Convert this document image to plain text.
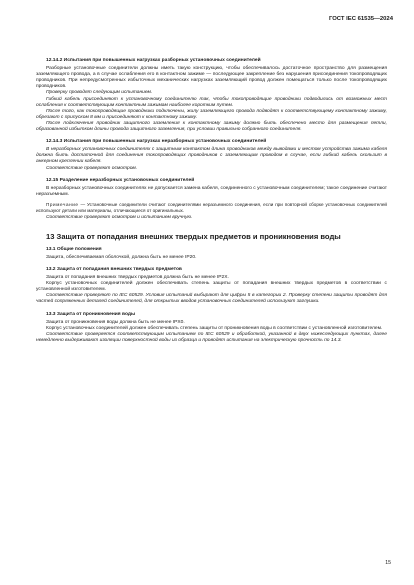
ГОСТ IEC 61535—2024
12.14.2 Испытания при повышенных нагрузках разборных установочных соединителей

Разборные установочные соединители должны иметь такую конструкцию, чтобы обеспечивалось достаточное пространство для размещения заземляющего провода, а в случае ослабления его в контактном зажиме — последующее закрепление без нарушения присоединения токопроводящих проводников. При непредусмотренных избыточных механических нагрузках заземляющий провод должен помещаться только после токопроводящих проводников.

Проверку проводят следующим испытанием.

Гибкий кабель присоединяют к установочному соединителю так, чтобы токопроводящие проводники подводились от возможных мест ослабления к соответствующим контактным зажимам наиболее коротким путем.

После того, как токопроводящие проводники подключены, жилу заземляющего провода подводят к соответствующему контактному зажиму, обрезают с припуском 8 мм и присоединяют к контактному зажиму.

После подключения проводник защитного заземления к контактному зажиму должно быть обеспечено место для размещения петли, образованной избытком длины провода защитного заземления, при условии правильно собранного соединителя.

12.14.3 Испытания при повышенных нагрузках неразборных установочных соединителей

В неразборных установочных соединителях с защитным контактом длина проводников между выводами и местом устройства зажима кабеля должна быть достаточной для соединения токопроводящих проводников с заземляющим проводом в случае, если гибкий кабель скользит в анкерном креплении кабеля.

Соответствие проверяют осмотром.

12.15 Разделение неразборных установочных соединителей

В неразборных установочных соединителях не допускается замена кабеля, соединенного с установочным соединителем; такое соединение считают неразъемным.

Примечание — Установочные соединители считают соединителями неразъемного соединения, если при повторной сборке установочных соединителей используют детали или материалы, отличающиеся от оригинальных.

Соответствие проверяют осмотром и испытанием вручную.

13 Защита от попадания внешних твердых предметов и проникновения воды
13.1 Общие положения

Защита, обеспечиваемая оболочкой, должна быть не менее IP20.

13.2 Защита от попадания внешних твердых предметов

Защита от попадания внешних твердых предметов должна быть не менее IP2X.

Корпус установочных соединителей должен обеспечивать степень защиты от попадания внешних твердых предметов в соответствии с установленной изготовителем.

Соответствие проверяют по IEC 60529. Условия испытаний выбирают для цифры 5 в категории 2. Проверку степени защиты проводят для частей сопряженных деталей соединителей, для открытых вводов установочных соединителей используют заглушки.

13.3 Защита от проникновения воды

Защита от проникновения воды должна быть не менее IPX0.

Корпус установочных соединителей должен обеспечивать степень защиты от проникновения воды в соответствии с установленной изготовителем.

Соответствие проверяется соответствующим испытанием по IEC 60529 и обработкой, указанной в двух нижеследующих пунктах, далее немедленно выдерживают изоляции поверхностной воды из образца и проводят испытания на электрическую прочность по 14.3.

15
